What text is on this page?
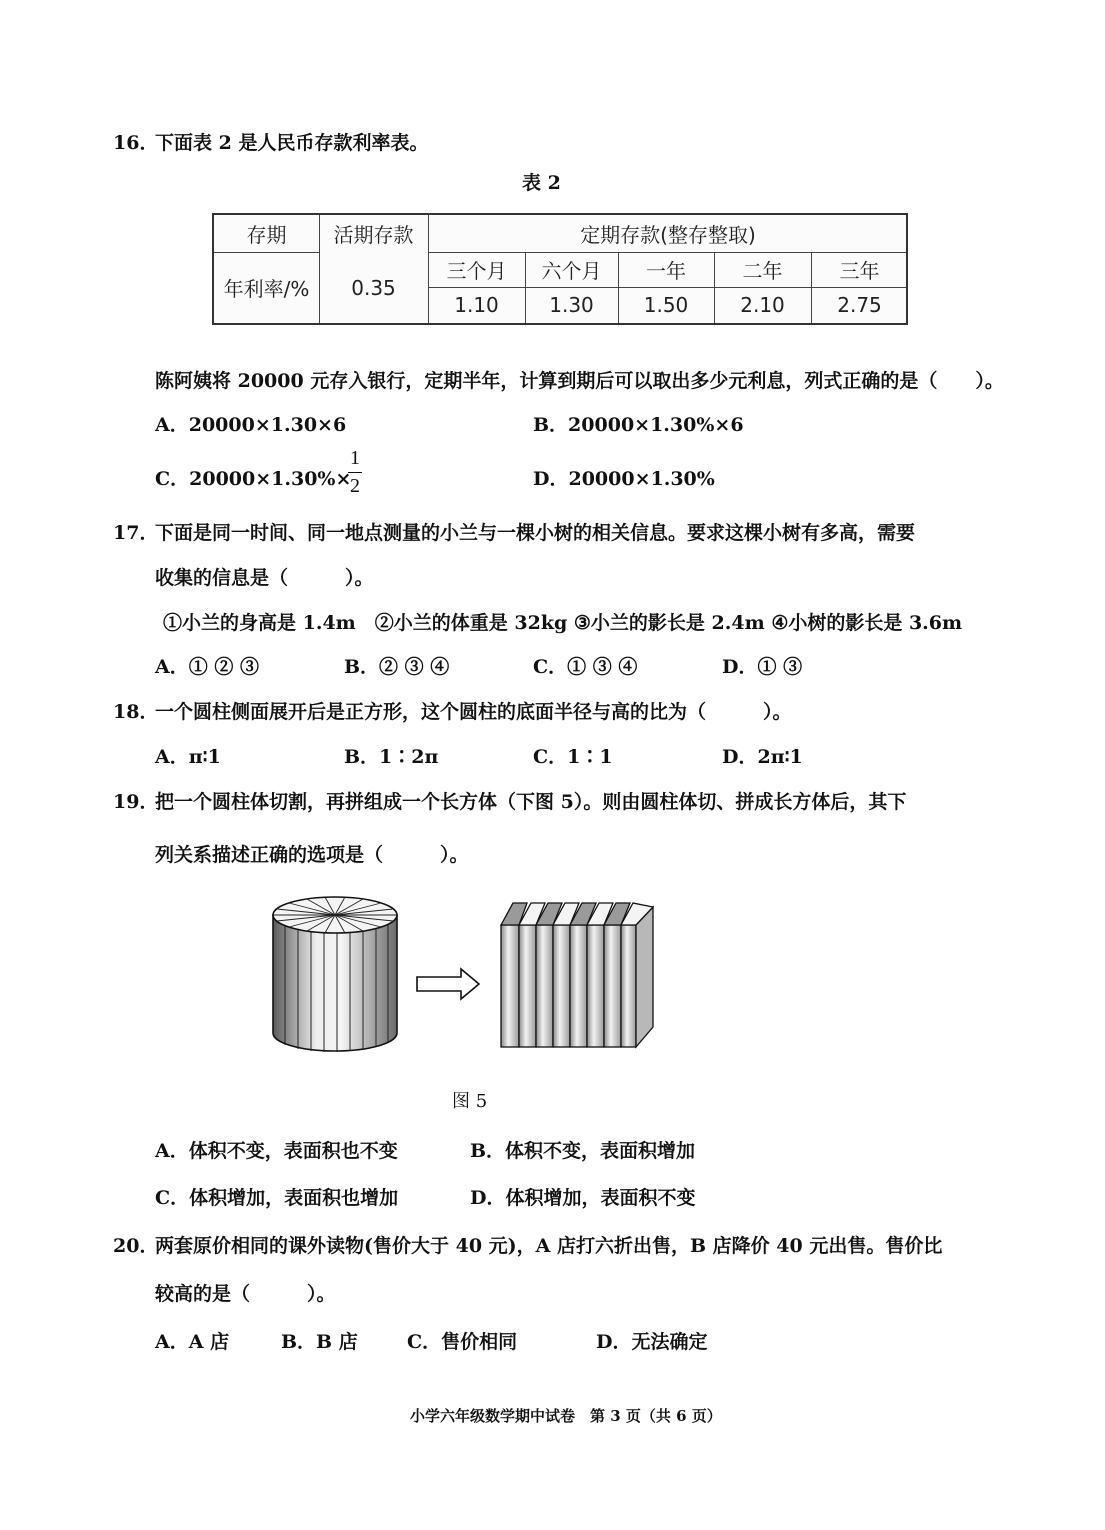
16．
下面表 2 是人民币存款利率表。
表 2
存期	活期存款	定期存款(整存整取)
三个月	六个月	一年	二年	三年
年利率/%	0.35
1.10	1.30	1.50	2.10	2.75
陈阿姨将 20000 元存入银行，定期半年，计算到期后可以取出多少元利息，列式正确的是（　　）。
A．20000×1.30×6	B．20000×1.30%×6
C．20000×1.30%×
1
2	D．20000×1.30%
17．
下面是同一时间、同一地点测量的小兰与一棵小树的相关信息。要求这棵小树有多高，需要
收集的信息是（　　　）。
①小兰的身高是 1.4m　②小兰的体重是 32kg ③小兰的影长是 2.4m ④小树的影长是 3.6m
A．① ② ③	B．② ③ ④	C．① ③ ④	D．① ③
18．
一个圆柱侧面展开后是正方形，这个圆柱的底面半径与高的比为（　　　）。
A．π∶1	B．1∶2π	C．1∶1	D．2π∶1
19．
把一个圆柱体切割，再拼组成一个长方体（下图 5）。则由圆柱体切、拼成长方体后，其下
列关系描述正确的选项是（　　　）。
图 5
A．体积不变，表面积也不变	B．体积不变，表面积增加
C．体积增加，表面积也增加	D．体积增加，表面积不变
20．
两套原价相同的课外读物(售价大于 40 元)，A 店打六折出售，B 店降价 40 元出售。售价比
较高的是（　　　）。
A．A 店	B．B 店	C．售价相同	D．无法确定
小学六年级数学期中试卷　第 3 页（共 6 页）
